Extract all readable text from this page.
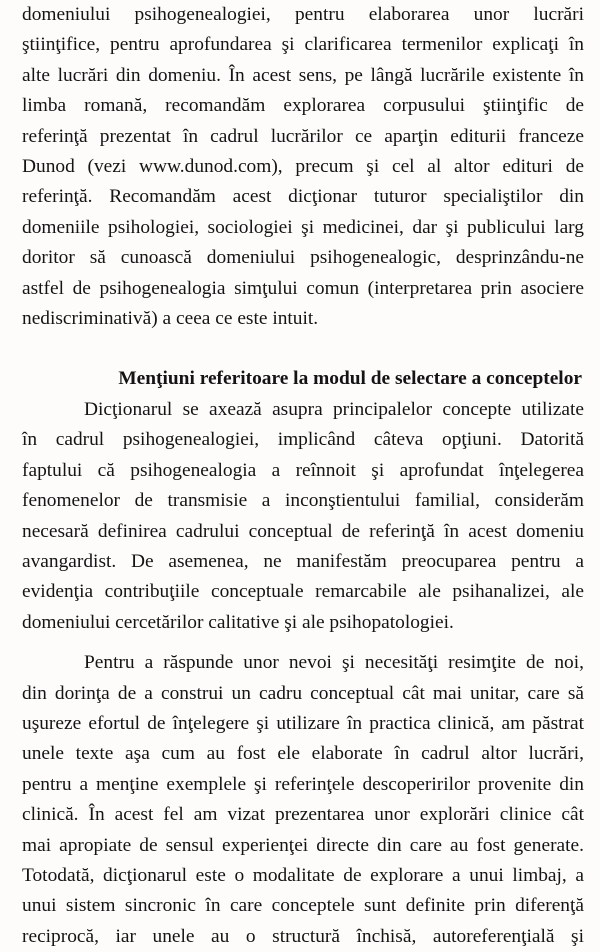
domeniului psihogenealogiei, pentru elaborarea unor lucrări
ştiinţifice, pentru aprofundarea şi clarificarea termenilor explicaţi în
alte lucrări din domeniu. În acest sens, pe lângă lucrările existente în
limba romană, recomandăm explorarea corpusului ştiinţific de
referinţă prezentat în cadrul lucrărilor ce aparţin editurii franceze
Dunod (vezi www.dunod.com), precum şi cel al altor edituri de
referinţă. Recomandăm acest dicţionar tuturor specialiştilor din
domeniile psihologiei, sociologiei şi medicinei, dar şi publicului larg
doritor să cunoască domeniului psihogenealogic, desprinzându-ne
astfel de psihogenealogia simţului comun (interpretarea prin asociere
nediscriminativă) a ceea ce este intuit.

Menţiuni referitoare la modul de selectare a conceptelor

Dicţionarul se axează asupra principalelor concepte utilizate
în cadrul psihogenealogiei, implicând câteva opţiuni. Datorită
faptului că psihogenealogia a reînnoit şi aprofundat înţelegerea
fenomenelor de transmisie a inconştientului familial, considerăm
necesară definirea cadrului conceptual de referinţă în acest domeniu
avangardist. De asemenea, ne manifestăm preocuparea pentru a
evidenţia contribuţiile conceptuale remarcabile ale psihanalizei, ale
domeniului cercetărilor calitative şi ale psihopatologiei.

Pentru a răspunde unor nevoi şi necesităţi resimţite de noi,
din dorinţa de a construi un cadru conceptual cât mai unitar, care să
uşureze efortul de înţelegere şi utilizare în practica clinică, am păstrat
unele texte aşa cum au fost ele elaborate în cadrul altor lucrări,
pentru a menţine exemplele şi referinţele descoperirilor provenite din
clinică. În acest fel am vizat prezentarea unor explorări clinice cât
mai apropiate de sensul experienţei directe din care au fost generate.
Totodată, dicţionarul este o modalitate de explorare a unui limbaj, a
unui sistem sincronic în care conceptele sunt definite prin diferenţă
reciprocă, iar unele au o structură închisă, autoreferenţială şi
